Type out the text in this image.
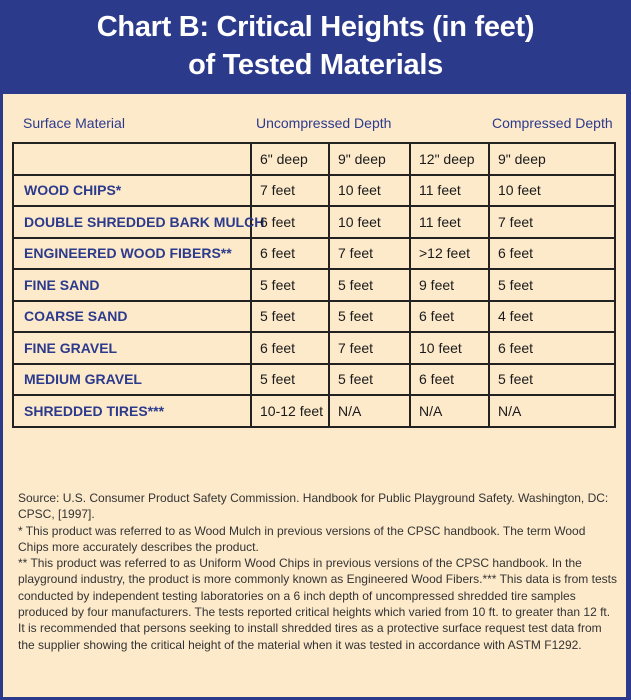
Chart B: Critical Heights (in feet)
of Tested Materials
Surface Material	Uncompressed Depth	Compressed Depth
	6" deep	9" deep	12" deep	9" deep
WOOD CHIPS*	7 feet	10 feet	11 feet	10 feet
DOUBLE SHREDDED BARK MULCH	6 feet	10 feet	11 feet	7 feet
ENGINEERED WOOD FIBERS**	6 feet	7 feet	>12 feet	6 feet
FINE SAND	5 feet	5 feet	9 feet	5 feet
COARSE SAND	5 feet	5 feet	6 feet	4 feet
FINE GRAVEL	6 feet	7 feet	10 feet	6 feet
MEDIUM GRAVEL	5 feet	5 feet	6 feet	5 feet
SHREDDED TIRES***	10-12 feet	N/A	N/A	N/A

Source: U.S. Consumer Product Safety Commission. Handbook for Public Playground Safety. Washington, DC: CPSC, [1997].

* This product was referred to as Wood Mulch in previous versions of the CPSC handbook. The term Wood Chips more accurately describes the product.

** This product was referred to as Uniform Wood Chips in previous versions of the CPSC handbook. In the playground industry, the product is more commonly known as Engineered Wood Fibers.*** This data is from tests conducted by independent testing laboratories on a 6 inch depth of uncompressed shredded tire samples produced by four manufacturers. The tests reported critical heights which varied from 10 ft. to greater than 12 ft. It is recommended that persons seeking to install shredded tires as a protective surface request test data from the supplier showing the critical height of the material when it was tested in accordance with ASTM F1292.
